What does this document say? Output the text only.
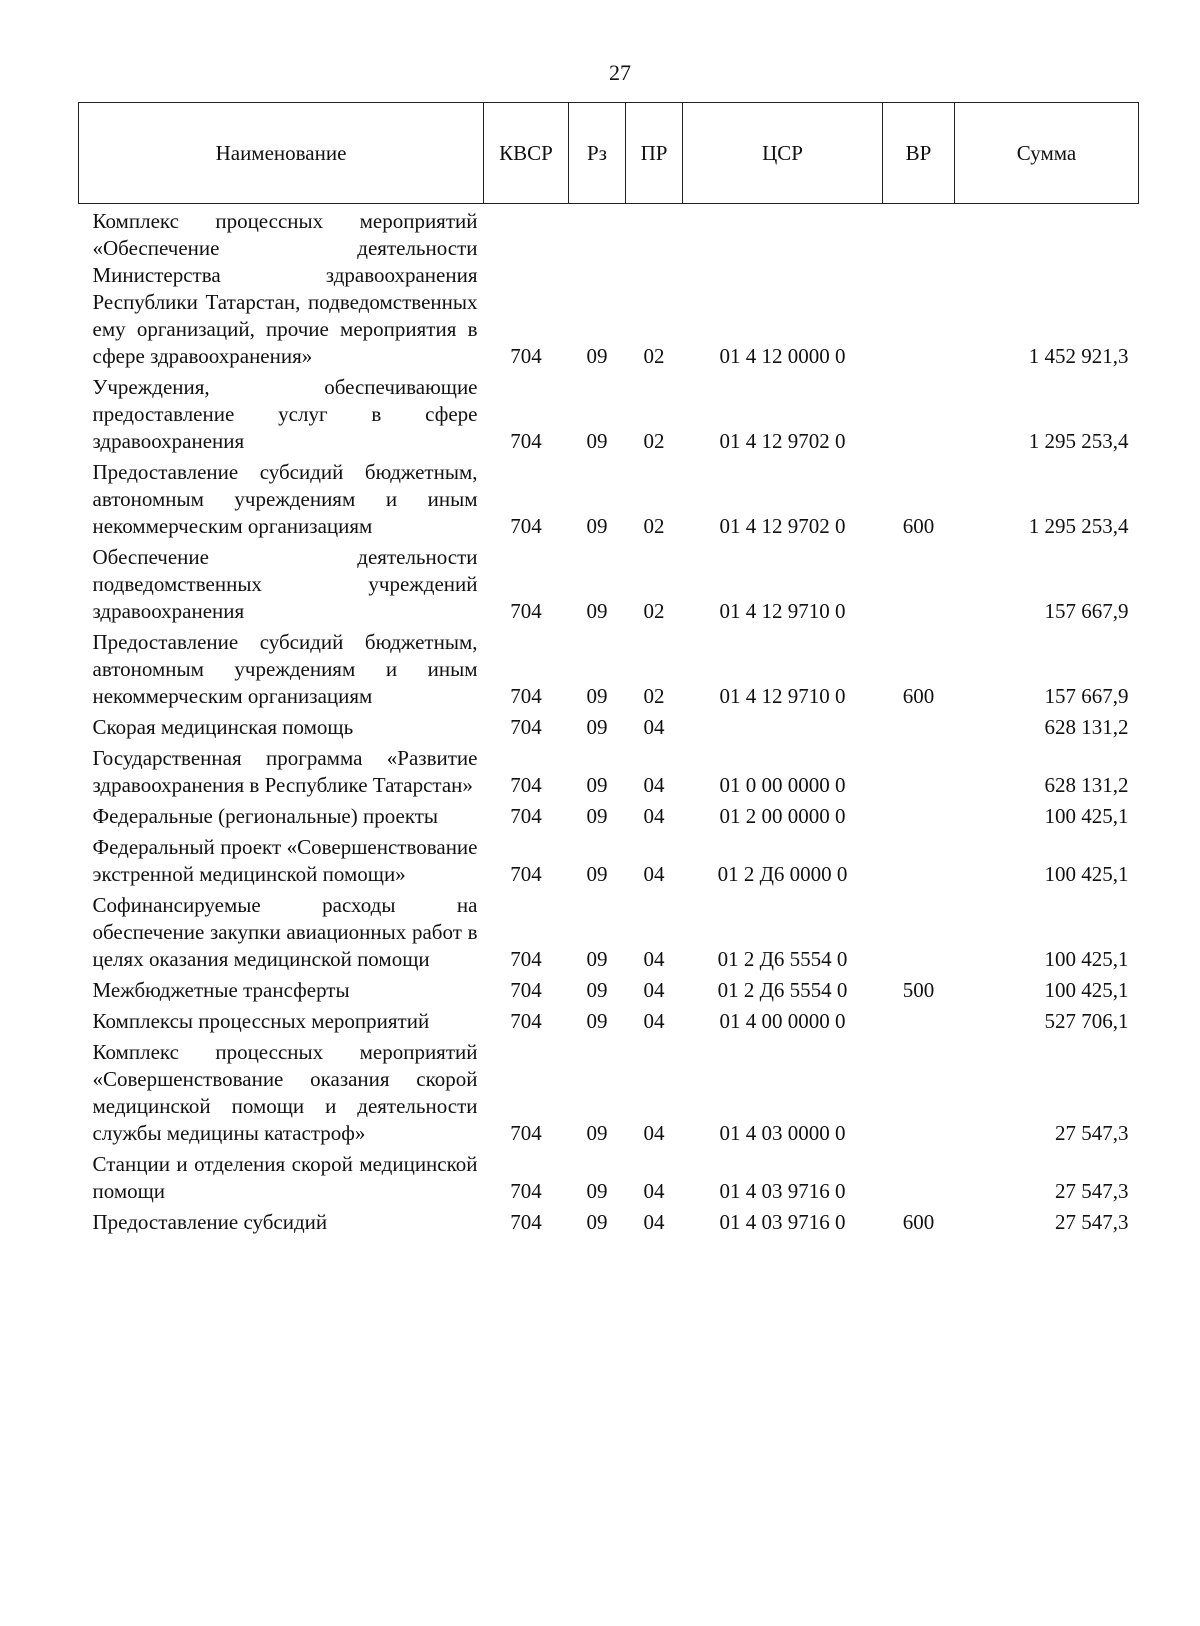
27
Наименование	КВСР	Рз	ПР	ЦСР	ВР	Сумма
Комплекс процессных мероприятий «Обеспечение деятельности Министерства здравоохранения Республики Татарстан, подведомственных ему организаций, прочие мероприятия в сфере здравоохранения»	704	09	02	01 4 12 0000 0		1 452 921,3
Учреждения, обеспечивающие предоставление услуг в сфере здравоохранения	704	09	02	01 4 12 9702 0		1 295 253,4
Предоставление субсидий бюджетным, автономным учреждениям и иным некоммерческим организациям	704	09	02	01 4 12 9702 0	600	1 295 253,4
Обеспечение деятельности подведомственных учреждений здравоохранения	704	09	02	01 4 12 9710 0		157 667,9
Предоставление субсидий бюджетным, автономным учреждениям и иным некоммерческим организациям	704	09	02	01 4 12 9710 0	600	157 667,9
Скорая медицинская помощь	704	09	04			628 131,2
Государственная программа «Развитие здравоохранения в Республике Татарстан»	704	09	04	01 0 00 0000 0		628 131,2
Федеральные (региональные) проекты	704	09	04	01 2 00 0000 0		100 425,1
Федеральный проект «Совершенствование экстренной медицинской помощи»	704	09	04	01 2 Д6 0000 0		100 425,1
Софинансируемые расходы на обеспечение закупки авиационных работ в целях оказания медицинской помощи	704	09	04	01 2 Д6 5554 0		100 425,1
Межбюджетные трансферты	704	09	04	01 2 Д6 5554 0	500	100 425,1
Комплексы процессных мероприятий	704	09	04	01 4 00 0000 0		527 706,1
Комплекс процессных мероприятий «Совершенствование оказания скорой медицинской помощи и деятельности службы медицины катастроф»	704	09	04	01 4 03 0000 0		27 547,3
Станции и отделения скорой медицинской помощи	704	09	04	01 4 03 9716 0		27 547,3
Предоставление субсидий	704	09	04	01 4 03 9716 0	600	27 547,3
